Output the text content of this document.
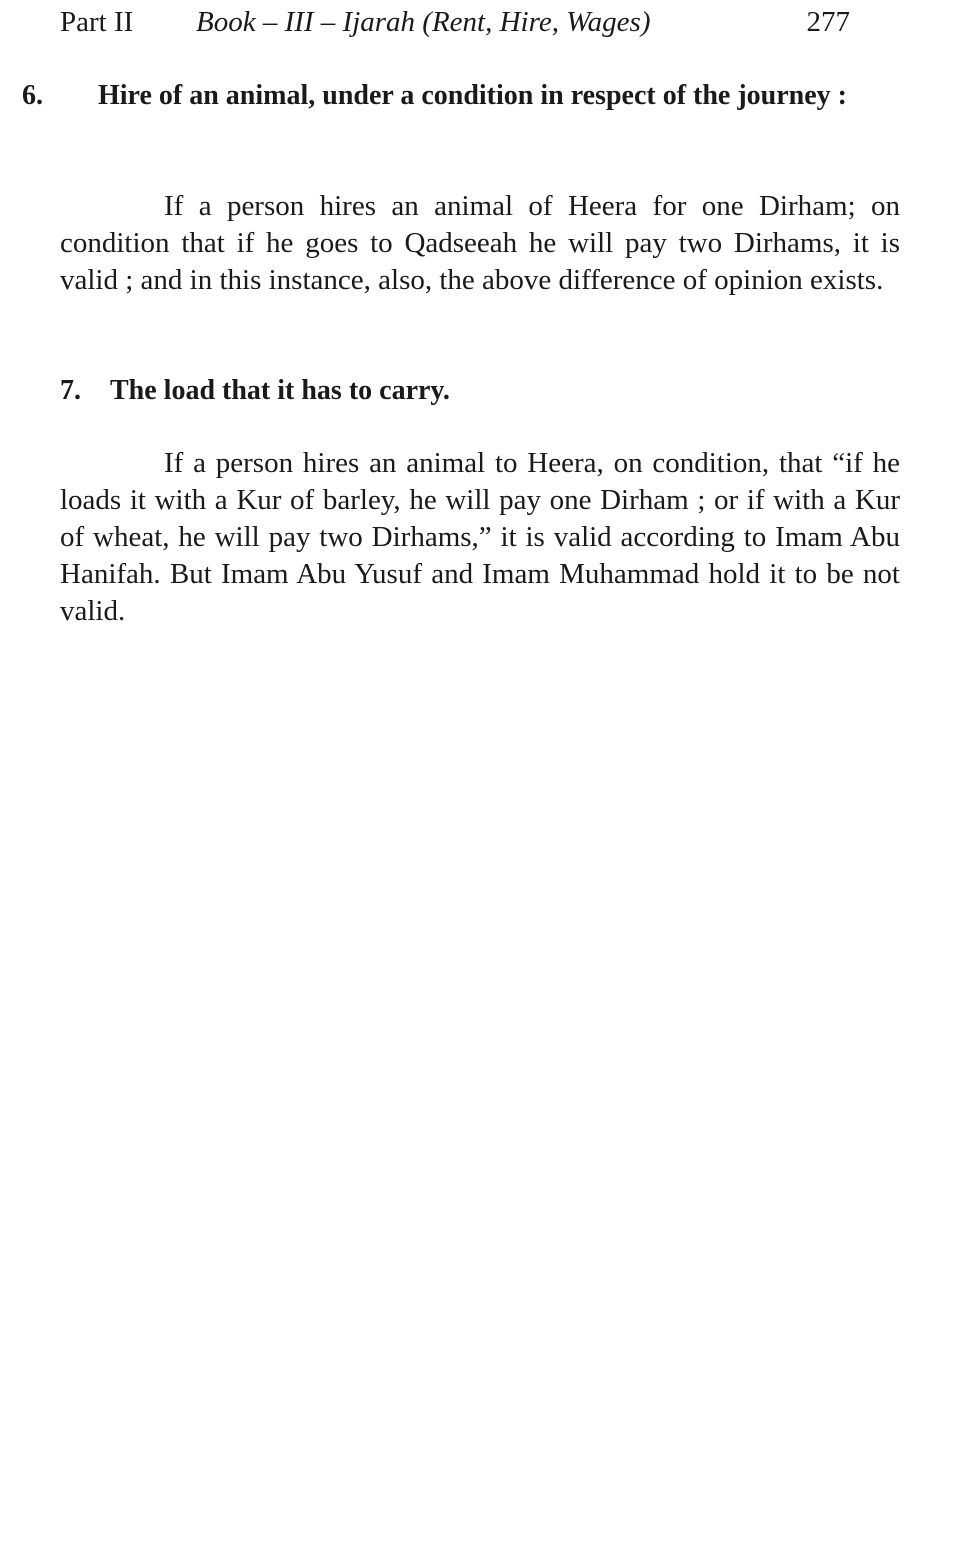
Part II Book – III – Ijarah (Rent, Hire, Wages)	277
6. Hire of an animal, under a condition in respect of the journey :

If a person hires an animal of Heera for one Dirham; on condition that if he goes to Qadseeah he will pay two Dirhams, it is valid ; and in this instance, also, the above difference of opinion exists.

7. The load that it has to carry.

If a person hires an animal to Heera, on condition, that “if he loads it with a Kur of barley, he will pay one Dirham ; or if with a Kur of wheat, he will pay two Dirhams,” it is valid according to Imam Abu Hanifah. But Imam Abu Yusuf and Imam Muhammad hold it to be not valid.
